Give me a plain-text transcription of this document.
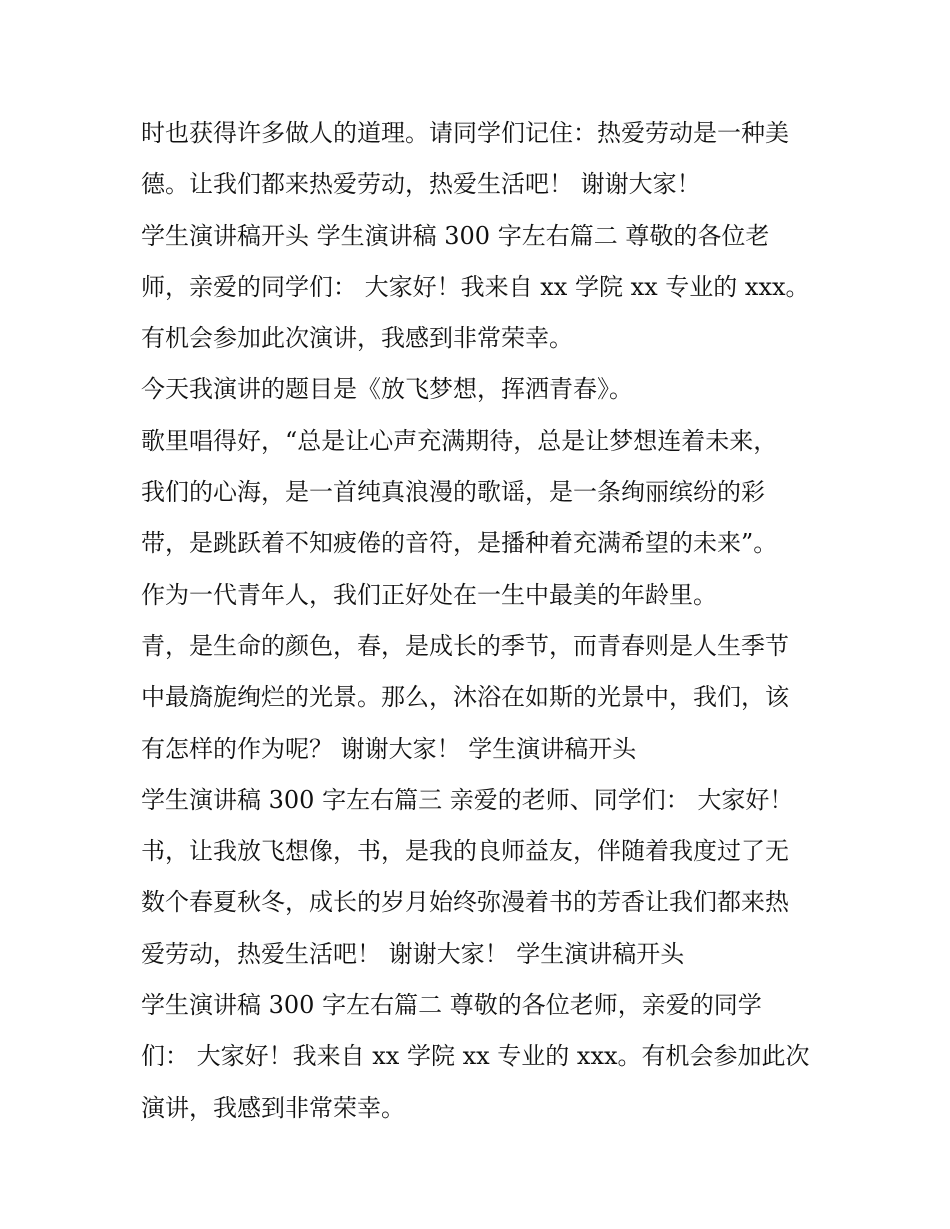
时也获得许多做人的道理。请同学们记住：热爱劳动是一种美
德。让我们都来热爱劳动，热爱生活吧！ 谢谢大家！
学生演讲稿开头 学生演讲稿 300 字左右篇二 尊敬的各位老
师，亲爱的同学们： 大家好！我来自 xx 学院 xx 专业的 xxx。
有机会参加此次演讲，我感到非常荣幸。
今天我演讲的题目是《放飞梦想，挥洒青春》。
歌里唱得好，“总是让心声充满期待，总是让梦想连着未来，
我们的心海，是一首纯真浪漫的歌谣，是一条绚丽缤纷的彩
带，是跳跃着不知疲倦的音符，是播种着充满希望的未来”。
作为一代青年人，我们正好处在一生中最美的年龄里。
青，是生命的颜色，春，是成长的季节，而青春则是人生季节
中最旖旎绚烂的光景。那么，沐浴在如斯的光景中，我们，该
有怎样的作为呢？ 谢谢大家！ 学生演讲稿开头
学生演讲稿 300 字左右篇三 亲爱的老师、同学们： 大家好！
书，让我放飞想像，书，是我的良师益友，伴随着我度过了无
数个春夏秋冬，成长的岁月始终弥漫着书的芳香让我们都来热
爱劳动，热爱生活吧！ 谢谢大家！ 学生演讲稿开头
学生演讲稿 300 字左右篇二 尊敬的各位老师，亲爱的同学
们： 大家好！我来自 xx 学院 xx 专业的 xxx。有机会参加此次
演讲，我感到非常荣幸。
